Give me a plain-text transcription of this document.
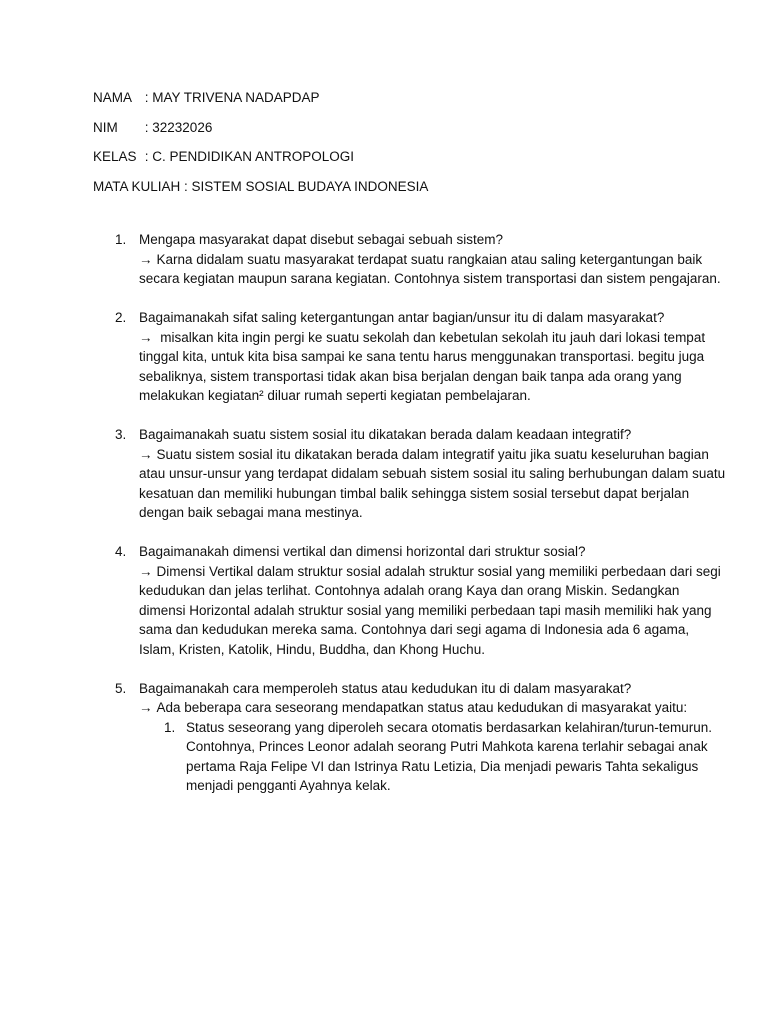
NAMA : MAY TRIVENA NADAPDAP
NIM : 32232026
KELAS : C. PENDIDIKAN ANTROPOLOGI
MATA KULIAH : SISTEM SOSIAL BUDAYA INDONESIA
1. Mengapa masyarakat dapat disebut sebagai sebuah sistem?

→ Karna didalam suatu masyarakat terdapat suatu rangkaian atau saling ketergantungan baik secara kegiatan maupun sarana kegiatan. Contohnya sistem transportasi dan sistem pengajaran.

2. Bagaimanakah sifat saling ketergantungan antar bagian/unsur itu di dalam masyarakat?

→ misalkan kita ingin pergi ke suatu sekolah dan kebetulan sekolah itu jauh dari lokasi tempat tinggal kita, untuk kita bisa sampai ke sana tentu harus menggunakan transportasi. begitu juga sebaliknya, sistem transportasi tidak akan bisa berjalan dengan baik tanpa ada orang yang melakukan kegiatan² diluar rumah seperti kegiatan pembelajaran.

3. Bagaimanakah suatu sistem sosial itu dikatakan berada dalam keadaan integratif?

→ Suatu sistem sosial itu dikatakan berada dalam integratif yaitu jika suatu keseluruhan bagian atau unsur-unsur yang terdapat didalam sebuah sistem sosial itu saling berhubungan dalam suatu kesatuan dan memiliki hubungan timbal balik sehingga sistem sosial tersebut dapat berjalan dengan baik sebagai mana mestinya.

4. Bagaimanakah dimensi vertikal dan dimensi horizontal dari struktur sosial?

→ Dimensi Vertikal dalam struktur sosial adalah struktur sosial yang memiliki perbedaan dari segi kedudukan dan jelas terlihat. Contohnya adalah orang Kaya dan orang Miskin. Sedangkan dimensi Horizontal adalah struktur sosial yang memiliki perbedaan tapi masih memiliki hak yang sama dan kedudukan mereka sama. Contohnya dari segi agama di Indonesia ada 6 agama, Islam, Kristen, Katolik, Hindu, Buddha, dan Khong Huchu.

5. Bagaimanakah cara memperoleh status atau kedudukan itu di dalam masyarakat?

→ Ada beberapa cara seseorang mendapatkan status atau kedudukan di masyarakat yaitu:

1. Status seseorang yang diperoleh secara otomatis berdasarkan kelahiran/turun-temurun. Contohnya, Princes Leonor adalah seorang Putri Mahkota karena terlahir sebagai anak pertama Raja Felipe VI dan Istrinya Ratu Letizia, Dia menjadi pewaris Tahta sekaligus menjadi pengganti Ayahnya kelak.
